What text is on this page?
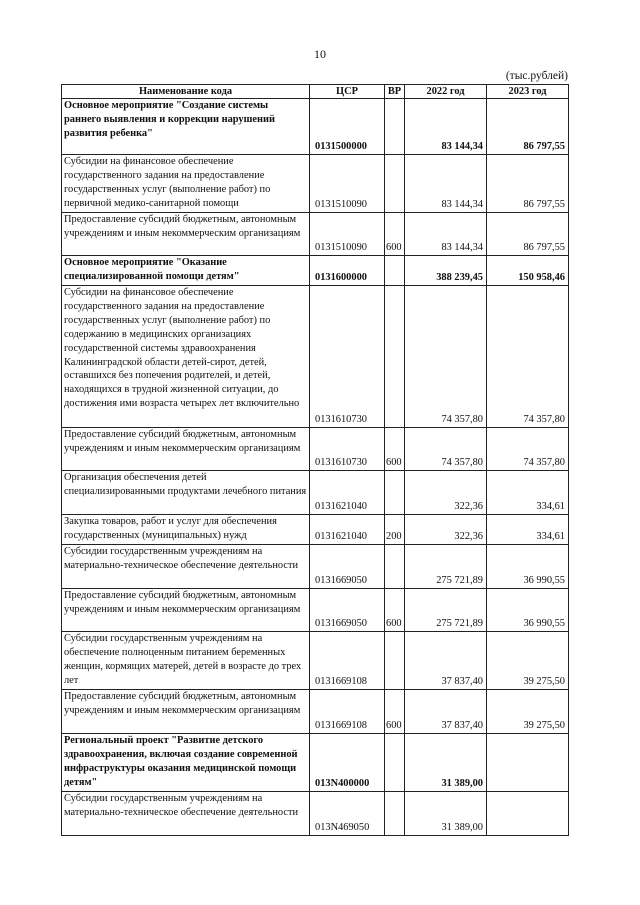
10
(тыс.рублей)
Наименование кода	ЦСР	ВР	2022 год	2023 год
Основное мероприятие "Создание системы раннего выявления и коррекции нарушений развития ребенка"	0131500000		83 144,34	86 797,55
Субсидии на финансовое обеспечение государственного задания на предоставление государственных услуг (выполнение работ) по первичной медико-санитарной помощи	0131510090		83 144,34	86 797,55
Предоставление субсидий бюджетным, автономным учреждениям и иным некоммерческим организациям	0131510090	600	83 144,34	86 797,55
Основное мероприятие "Оказание специализированной помощи детям"	0131600000		388 239,45	150 958,46
Субсидии на финансовое обеспечение государственного задания на предоставление государственных услуг (выполнение работ) по содержанию в медицинских организациях государственной системы здравоохранения Калининградской области детей-сирот, детей, оставшихся без попечения родителей, и детей, находящихся в трудной жизненной ситуации, до достижения ими возраста четырех лет включительно	0131610730		74 357,80	74 357,80
Предоставление субсидий бюджетным, автономным учреждениям и иным некоммерческим организациям	0131610730	600	74 357,80	74 357,80
Организация обеспечения детей специализированными продуктами лечебного питания	0131621040		322,36	334,61
Закупка товаров, работ и услуг для обеспечения государственных (муниципальных) нужд	0131621040	200	322,36	334,61
Субсидии государственным учреждениям на материально-техническое обеспечение деятельности	0131669050		275 721,89	36 990,55
Предоставление субсидий бюджетным, автономным учреждениям и иным некоммерческим организациям	0131669050	600	275 721,89	36 990,55
Субсидии государственным учреждениям на обеспечение полноценным питанием беременных женщин, кормящих матерей, детей в возрасте до трех лет	0131669108		37 837,40	39 275,50
Предоставление субсидий бюджетным, автономным учреждениям и иным некоммерческим организациям	0131669108	600	37 837,40	39 275,50
Региональный проект "Развитие детского здравоохранения, включая создание современной инфраструктуры оказания медицинской помощи детям"	013N400000		31 389,00	
Субсидии государственным учреждениям на материально-техническое обеспечение деятельности	013N469050		31 389,00	
